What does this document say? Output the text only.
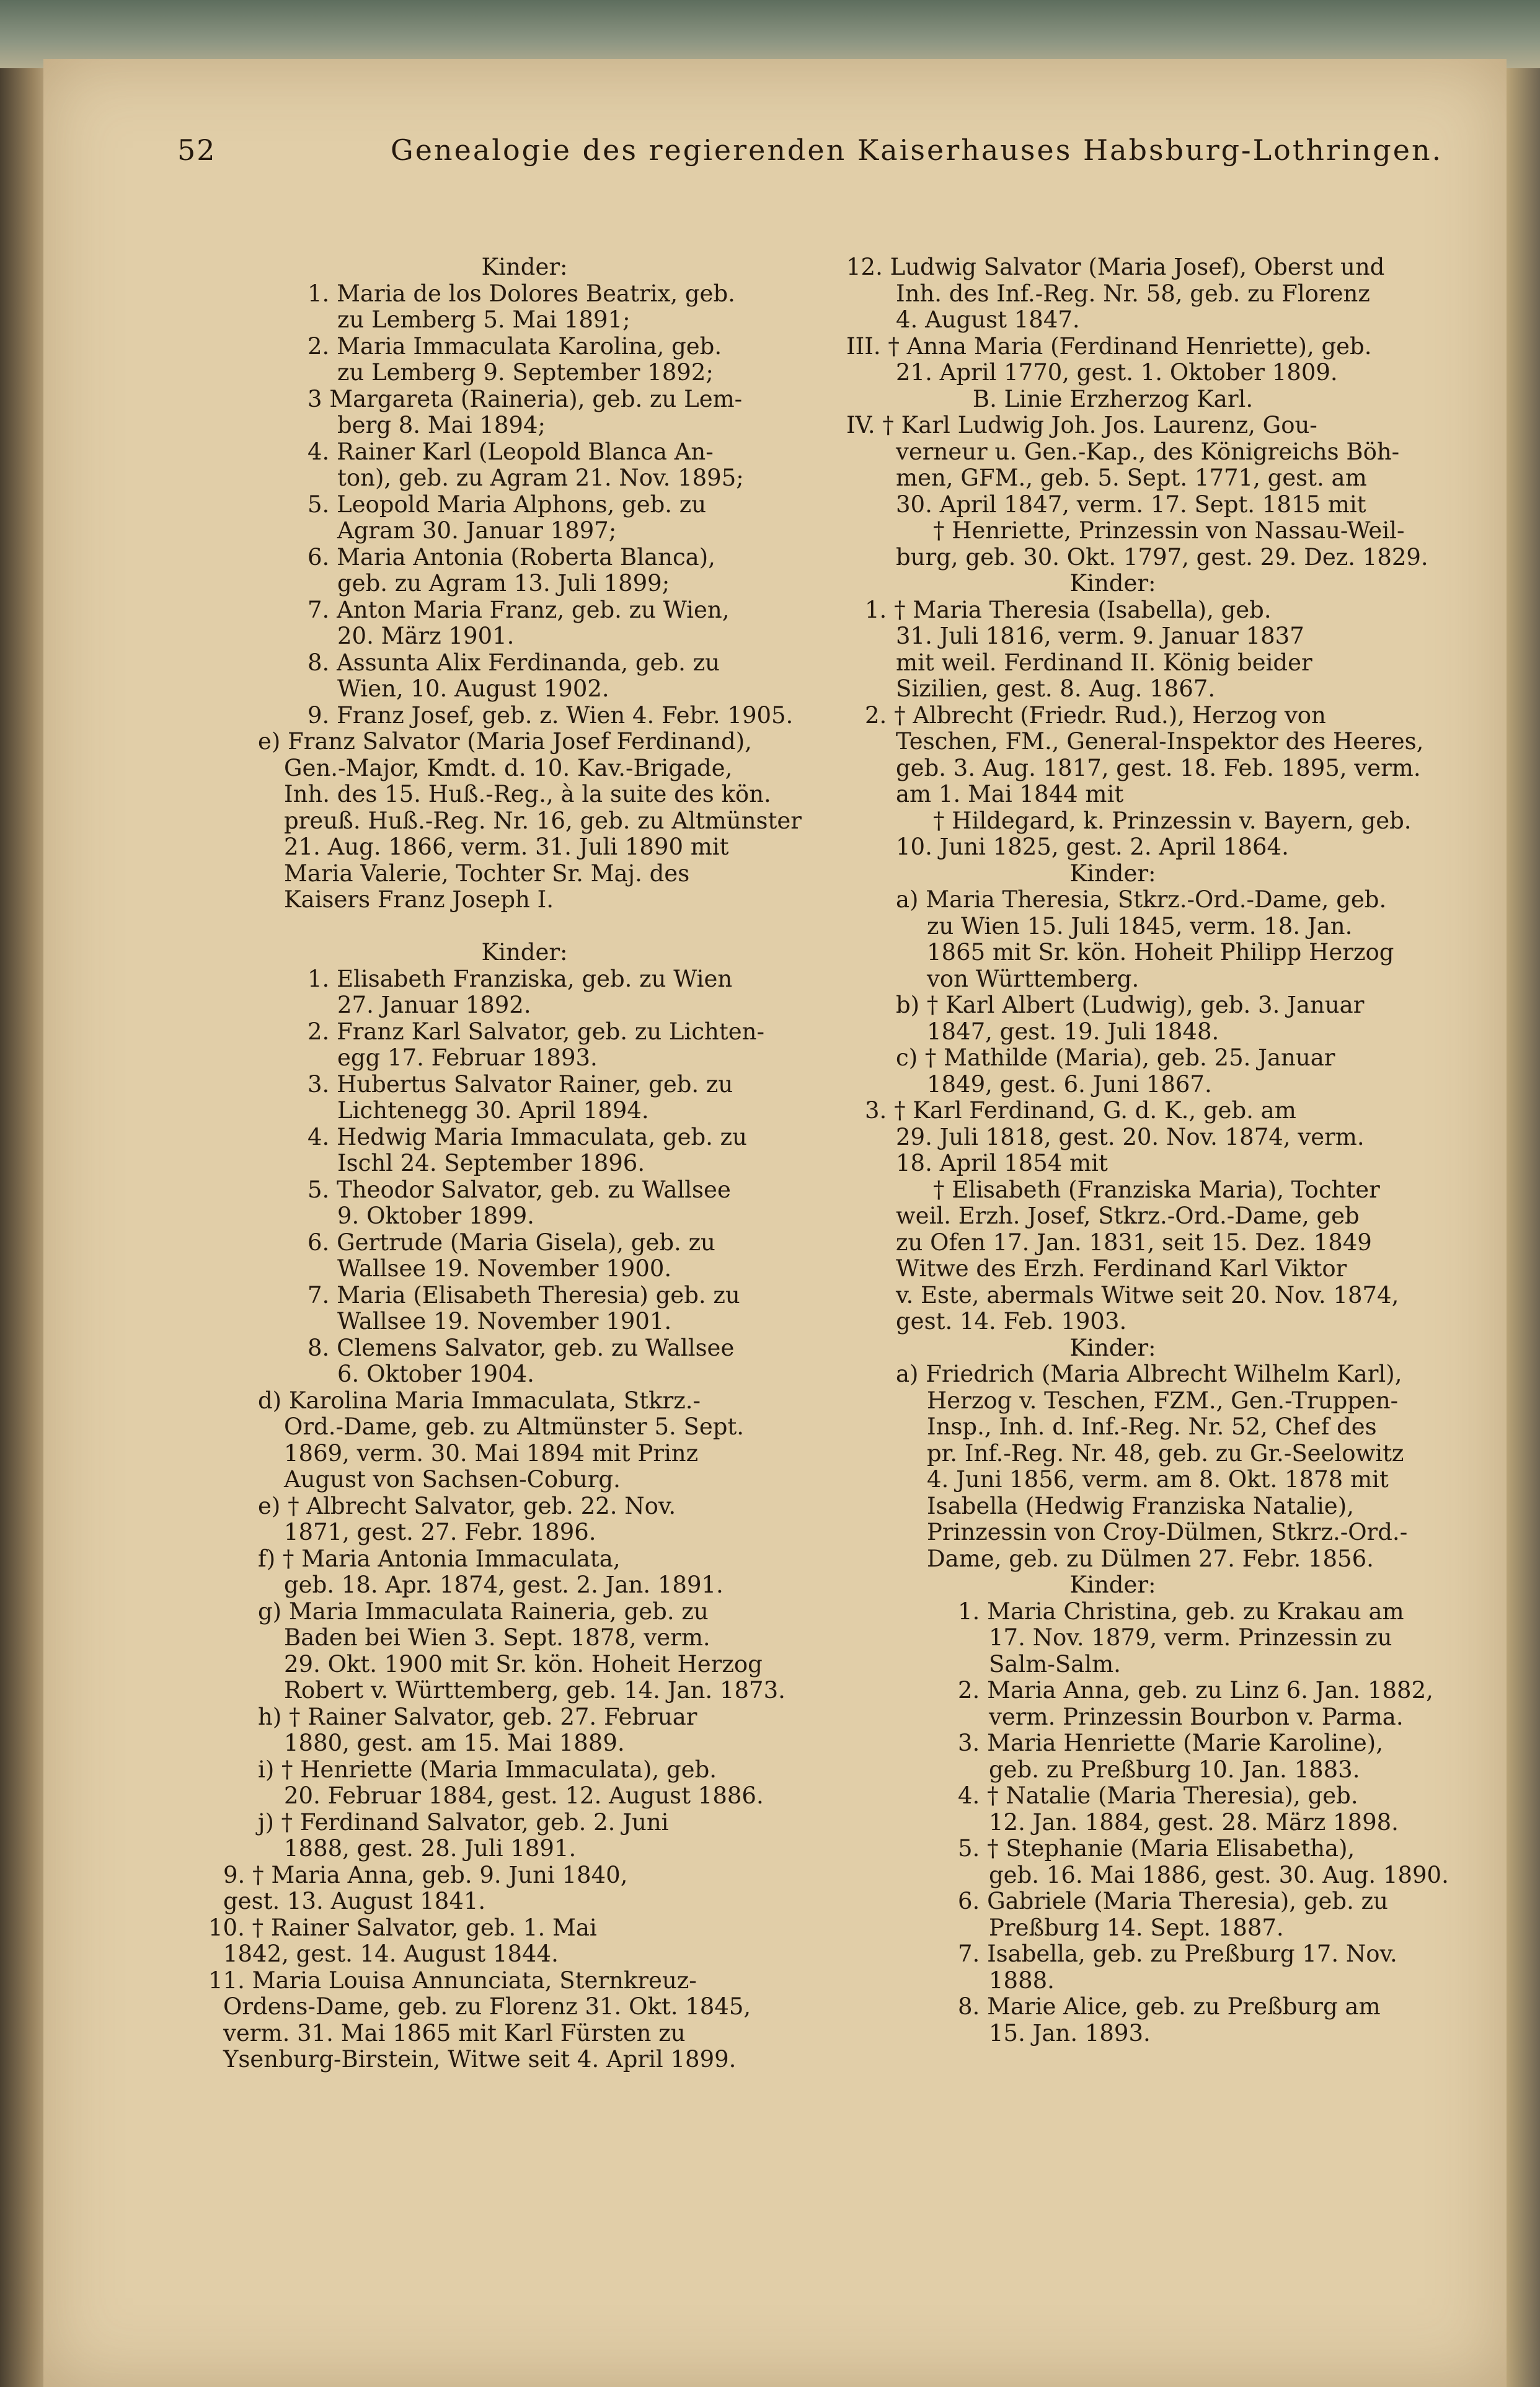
52	Genealogie des regierenden Kaiserhauses Habsburg-Lothringen.
Kinder:
1. Maria de los Dolores Beatrix, geb.
zu Lemberg 5. Mai 1891;
2. Maria Immaculata Karolina, geb.
zu Lemberg 9. September 1892;
3 Margareta (Raineria), geb. zu Lem-
berg 8. Mai 1894;
4. Rainer Karl (Leopold Blanca An-
ton), geb. zu Agram 21. Nov. 1895;
5. Leopold Maria Alphons, geb. zu
Agram 30. Januar 1897;
6. Maria Antonia (Roberta Blanca),
geb. zu Agram 13. Juli 1899;
7. Anton Maria Franz, geb. zu Wien,
20. März 1901.
8. Assunta Alix Ferdinanda, geb. zu
Wien, 10. August 1902.
9. Franz Josef, geb. z. Wien 4. Febr. 1905.
e) Franz Salvator (Maria Josef Ferdinand),
Gen.-Major, Kmdt. d. 10. Kav.-Brigade,
Inh. des 15. Huß.-Reg., à la suite des kön.
preuß. Huß.-Reg. Nr. 16, geb. zu Altmünster
21. Aug. 1866, verm. 31. Juli 1890 mit
Maria Valerie, Tochter Sr. Maj. des
Kaisers Franz Joseph I.
Kinder:
1. Elisabeth Franziska, geb. zu Wien
27. Januar 1892.
2. Franz Karl Salvator, geb. zu Lichten-
egg 17. Februar 1893.
3. Hubertus Salvator Rainer, geb. zu
Lichtenegg 30. April 1894.
4. Hedwig Maria Immaculata, geb. zu
Ischl 24. September 1896.
5. Theodor Salvator, geb. zu Wallsee
9. Oktober 1899.
6. Gertrude (Maria Gisela), geb. zu
Wallsee 19. November 1900.
7. Maria (Elisabeth Theresia) geb. zu
Wallsee 19. November 1901.
8. Clemens Salvator, geb. zu Wallsee
6. Oktober 1904.
d) Karolina Maria Immaculata, Stkrz.-
Ord.-Dame, geb. zu Altmünster 5. Sept.
1869, verm. 30. Mai 1894 mit Prinz
August von Sachsen-Coburg.
e) † Albrecht Salvator, geb. 22. Nov.
1871, gest. 27. Febr. 1896.
f) † Maria Antonia Immaculata,
geb. 18. Apr. 1874, gest. 2. Jan. 1891.
g) Maria Immaculata Raineria, geb. zu
Baden bei Wien 3. Sept. 1878, verm.
29. Okt. 1900 mit Sr. kön. Hoheit Herzog
Robert v. Württemberg, geb. 14. Jan. 1873.
h) † Rainer Salvator, geb. 27. Februar
1880, gest. am 15. Mai 1889.
i) † Henriette (Maria Immaculata), geb.
20. Februar 1884, gest. 12. August 1886.
j) † Ferdinand Salvator, geb. 2. Juni
1888, gest. 28. Juli 1891.
9. † Maria Anna, geb. 9. Juni 1840,
gest. 13. August 1841.
10. † Rainer Salvator, geb. 1. Mai
1842, gest. 14. August 1844.
11. Maria Louisa Annunciata, Sternkreuz-
Ordens-Dame, geb. zu Florenz 31. Okt. 1845,
verm. 31. Mai 1865 mit Karl Fürsten zu
Ysenburg-Birstein, Witwe seit 4. April 1899.
12. Ludwig Salvator (Maria Josef), Oberst und
Inh. des Inf.-Reg. Nr. 58, geb. zu Florenz
4. August 1847.
III. † Anna Maria (Ferdinand Henriette), geb.
21. April 1770, gest. 1. Oktober 1809.
B. Linie Erzherzog Karl.
IV. † Karl Ludwig Joh. Jos. Laurenz, Gou-
verneur u. Gen.-Kap., des Königreichs Böh-
men, GFM., geb. 5. Sept. 1771, gest. am
30. April 1847, verm. 17. Sept. 1815 mit
† Henriette, Prinzessin von Nassau-Weil-
burg, geb. 30. Okt. 1797, gest. 29. Dez. 1829.
Kinder:
1. † Maria Theresia (Isabella), geb.
31. Juli 1816, verm. 9. Januar 1837
mit weil. Ferdinand II. König beider
Sizilien, gest. 8. Aug. 1867.
2. † Albrecht (Friedr. Rud.), Herzog von
Teschen, FM., General-Inspektor des Heeres,
geb. 3. Aug. 1817, gest. 18. Feb. 1895, verm.
am 1. Mai 1844 mit
† Hildegard, k. Prinzessin v. Bayern, geb.
10. Juni 1825, gest. 2. April 1864.
Kinder:
a) Maria Theresia, Stkrz.-Ord.-Dame, geb.
zu Wien 15. Juli 1845, verm. 18. Jan.
1865 mit Sr. kön. Hoheit Philipp Herzog
von Württemberg.
b) † Karl Albert (Ludwig), geb. 3. Januar
1847, gest. 19. Juli 1848.
c) † Mathilde (Maria), geb. 25. Januar
1849, gest. 6. Juni 1867.
3. † Karl Ferdinand, G. d. K., geb. am
29. Juli 1818, gest. 20. Nov. 1874, verm.
18. April 1854 mit
† Elisabeth (Franziska Maria), Tochter
weil. Erzh. Josef, Stkrz.-Ord.-Dame, geb
zu Ofen 17. Jan. 1831, seit 15. Dez. 1849
Witwe des Erzh. Ferdinand Karl Viktor
v. Este, abermals Witwe seit 20. Nov. 1874,
gest. 14. Feb. 1903.
Kinder:
a) Friedrich (Maria Albrecht Wilhelm Karl),
Herzog v. Teschen, FZM., Gen.-Truppen-
Insp., Inh. d. Inf.-Reg. Nr. 52, Chef des
pr. Inf.-Reg. Nr. 48, geb. zu Gr.-Seelowitz
4. Juni 1856, verm. am 8. Okt. 1878 mit
Isabella (Hedwig Franziska Natalie),
Prinzessin von Croy-Dülmen, Stkrz.-Ord.-
Dame, geb. zu Dülmen 27. Febr. 1856.
Kinder:
1. Maria Christina, geb. zu Krakau am
17. Nov. 1879, verm. Prinzessin zu
Salm-Salm.
2. Maria Anna, geb. zu Linz 6. Jan. 1882,
verm. Prinzessin Bourbon v. Parma.
3. Maria Henriette (Marie Karoline),
geb. zu Preßburg 10. Jan. 1883.
4. † Natalie (Maria Theresia), geb.
12. Jan. 1884, gest. 28. März 1898.
5. † Stephanie (Maria Elisabetha),
geb. 16. Mai 1886, gest. 30. Aug. 1890.
6. Gabriele (Maria Theresia), geb. zu
Preßburg 14. Sept. 1887.
7. Isabella, geb. zu Preßburg 17. Nov.
1888.
8. Marie Alice, geb. zu Preßburg am
15. Jan. 1893.
